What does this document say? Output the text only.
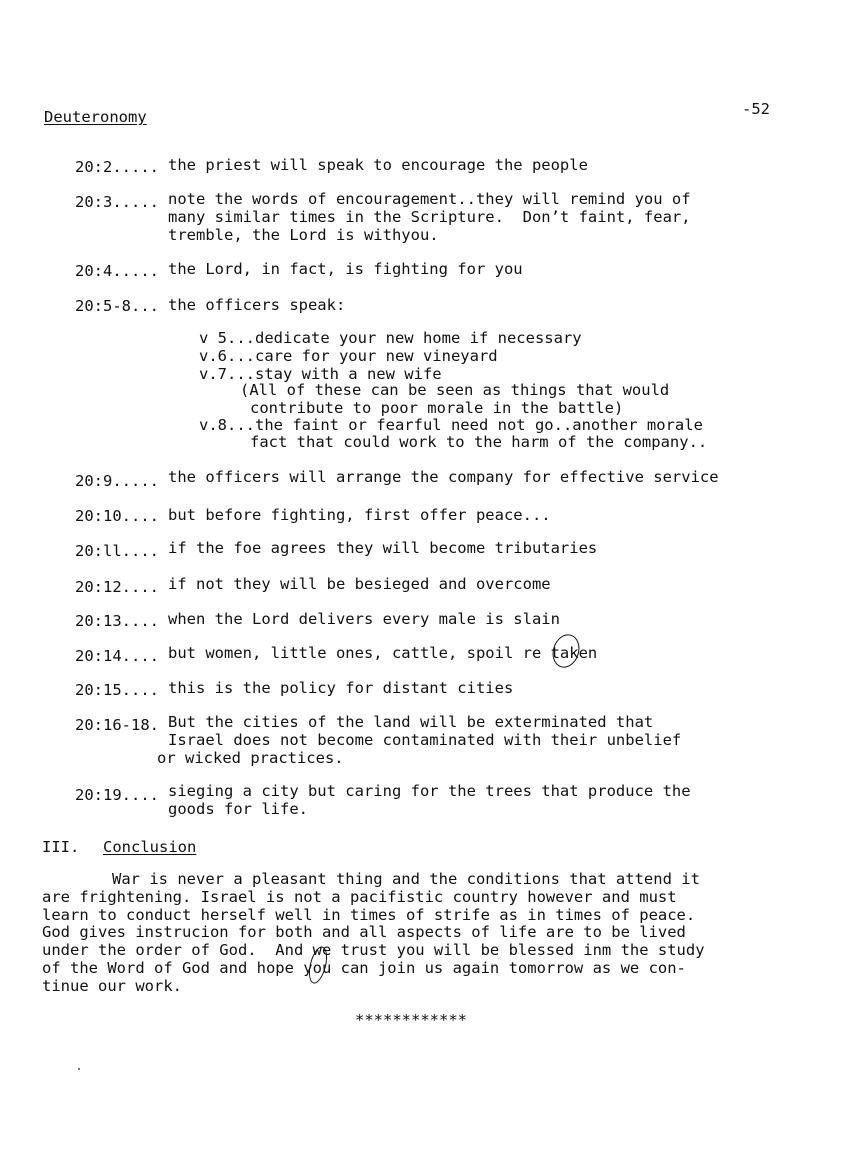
Deuteronomy	-52
20:2..... the priest will speak to encourage the people
20:3..... note the words of encouragement..they will remind you of
many similar times in the Scripture.  Don’t faint, fear,
tremble, the Lord is withyou.
20:4..... the Lord, in fact, is fighting for you
20:5-8... the officers speak:
v 5...dedicate your new home if necessary
v.6...care for your new vineyard
v.7...stay with a new wife
(All of these can be seen as things that would
contribute to poor morale in the battle)
v.8...the faint or fearful need not go..another morale
fact that could work to the harm of the company..
20:9..... the officers will arrange the company for effective service
20:10.... but before fighting, first offer peace...
20:ll.... if the foe agrees they will become tributaries
20:12.... if not they will be besieged and overcome
20:13.... when the Lord delivers every male is slain
20:14.... but women, little ones, cattle, spoil re taken
20:15.... this is the policy for distant cities
20:16-18. But the cities of the land will be exterminated that
Israel does not become contaminated with their unbelief
or wicked practices.
20:19.... sieging a city but caring for the trees that produce the
goods for life.
III. Conclusion
War is never a pleasant thing and the conditions that attend it
are frightening. Israel is not a pacifistic country however and must
learn to conduct herself well in times of strife as in times of peace.
God gives instrucion for both and all aspects of life are to be lived
under the order of God.  And we trust you will be blessed inm the study
of the Word of God and hope you can join us again tomorrow as we con-
tinue our work.
************
